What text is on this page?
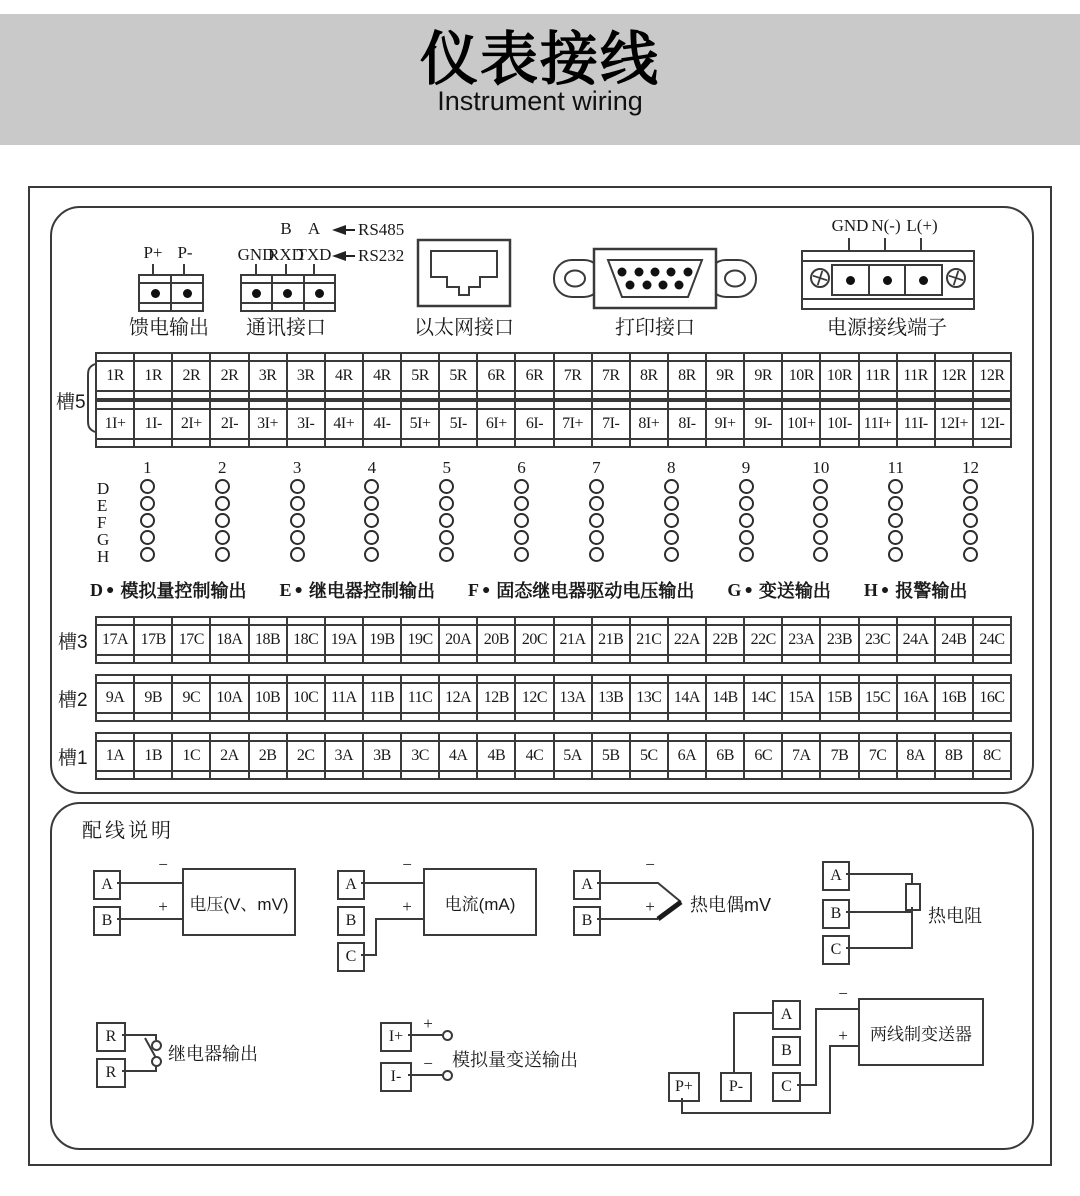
仪表接线
Instrument wiring
P+ P-
馈电输出
B A RS485
GND
RXD
TXD RS232
通讯接口	以太网接口	打印接口
GND N(-) L(+)
电源接线端子
槽5
1R	1R	2R	2R	3R	3R	4R	4R	5R	5R	6R	6R	7R	7R	8R	8R	9R	9R	10R 10R 11R 11R 12R 12R
1I+	1I-	2I+	2I-	3I+	3I-	4I+	4I-	5I+	5I-	6I+	6I-	7I+	7I-	8I+	8I-	9I+	9I- 10I+ 10I- 11I+ 11I- 12I+ 12I-
1	2	3	4	5	6	7	8	9	10	11	12
D
E
F
G
H
D ● 模拟量控制输出 E ● 继电器控制输出 F ● 固态继电器驱动电压输出 G ● 变送输出 H ● 报警输出
槽3 17A 17B 17C 18A 18B 18C 19A 19B 19C 20A 20B 20C 21A 21B 21C 22A 22B 22C 23A 23B 23C 24A 24B 24C
槽2	9A	9B	9C	10A 10B 10C 11A 11B 11C 12A 12B 12C 13A 13B 13C 14A 14B 14C 15A 15B 15C 16A 16B 16C
槽1	1A	1B	1C	2A	2B	2C	3A	3B	3C	4A	4B	4C	5A	5B	5C	6A	6B	6C	7A	7B	7C	8A	8B	8C
配线说明
A
B
−
+	电压(V、mV)
A
B
C
−
+	电流(mA)
A
B
−
+ 热电偶mV
A
B
C
热电阻
R
R
继电器输出
I+
I-
+
− 模拟量变送输出
A
B
C
P+	P-
−
+	两线制变送器
